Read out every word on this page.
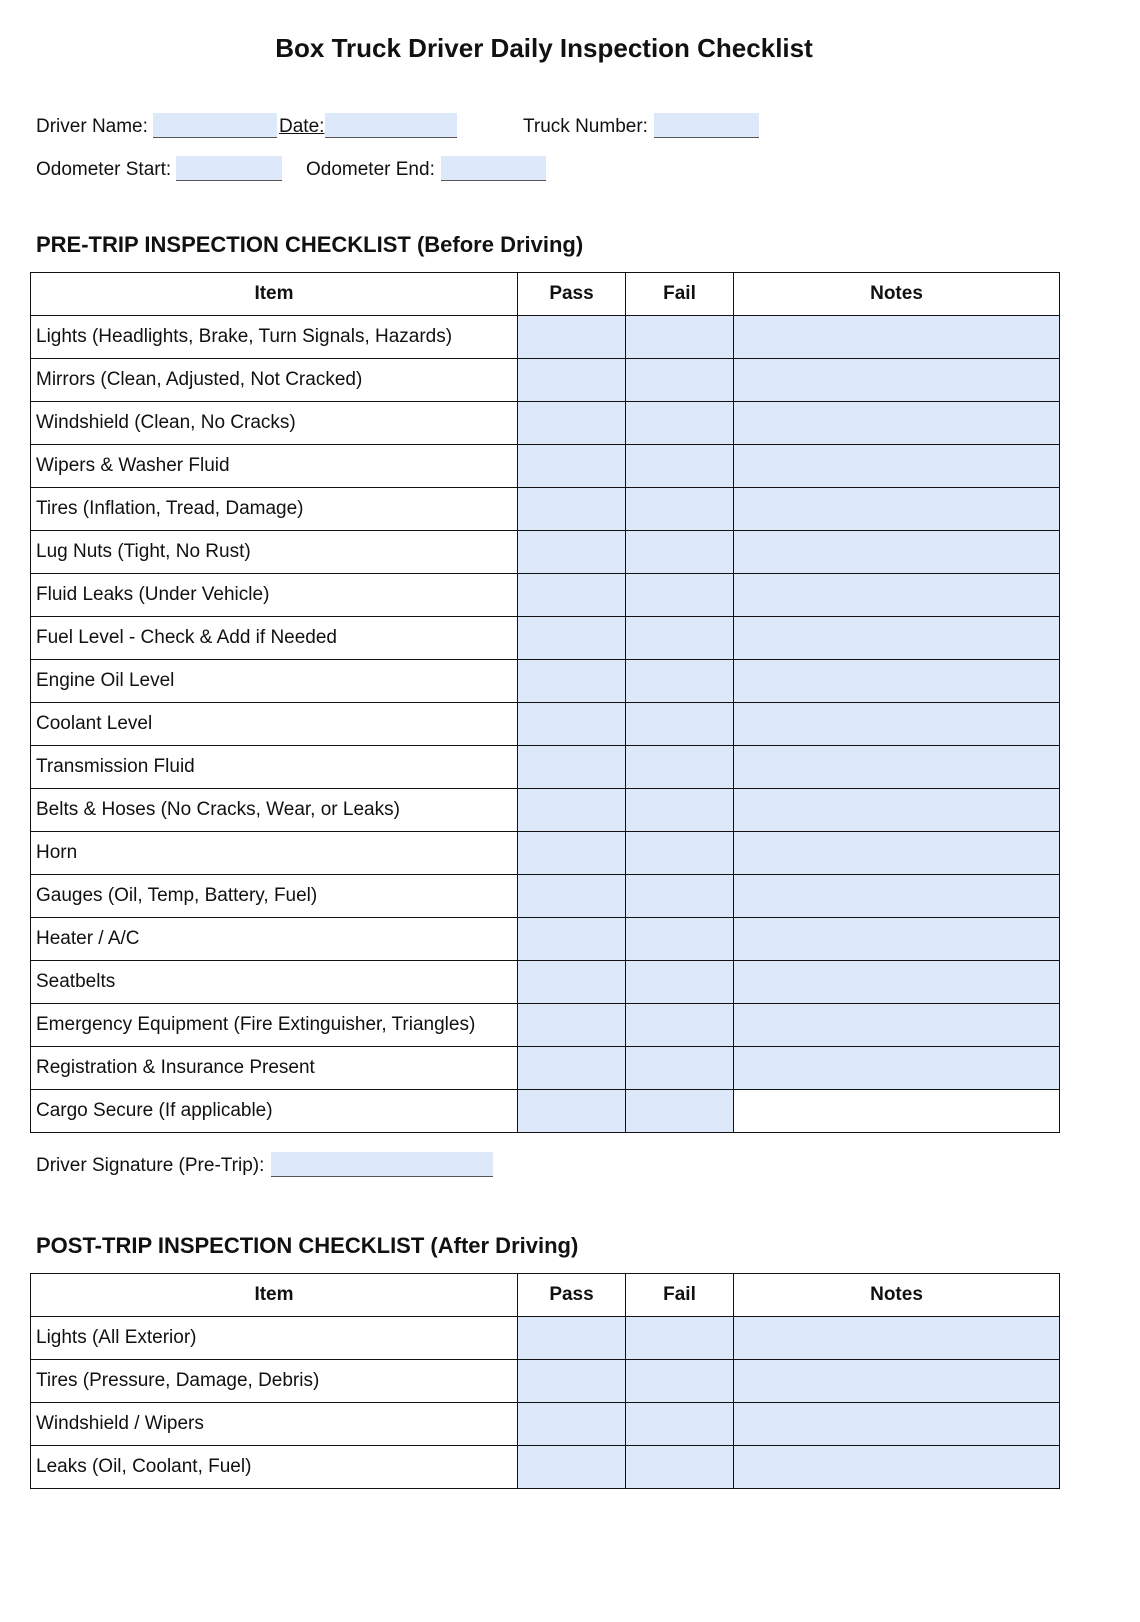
Box Truck Driver Daily Inspection Checklist
Driver Name:	Date:	Truck Number:
Odometer Start:	Odometer End:
PRE-TRIP INSPECTION CHECKLIST (Before Driving)
Item	Pass	Fail	Notes
Lights (Headlights, Brake, Turn Signals, Hazards)			
Mirrors (Clean, Adjusted, Not Cracked)			
Windshield (Clean, No Cracks)			
Wipers & Washer Fluid			
Tires (Inflation, Tread, Damage)			
Lug Nuts (Tight, No Rust)			
Fluid Leaks (Under Vehicle)			
Fuel Level - Check & Add if Needed			
Engine Oil Level			
Coolant Level			
Transmission Fluid			
Belts & Hoses (No Cracks, Wear, or Leaks)			
Horn			
Gauges (Oil, Temp, Battery, Fuel)			
Heater / A/C			
Seatbelts			
Emergency Equipment (Fire Extinguisher, Triangles)			
Registration & Insurance Present			
Cargo Secure (If applicable)			
Driver Signature (Pre-Trip):
POST-TRIP INSPECTION CHECKLIST (After Driving)
Item	Pass	Fail	Notes
Lights (All Exterior)			
Tires (Pressure, Damage, Debris)			
Windshield / Wipers			
Leaks (Oil, Coolant, Fuel)			
